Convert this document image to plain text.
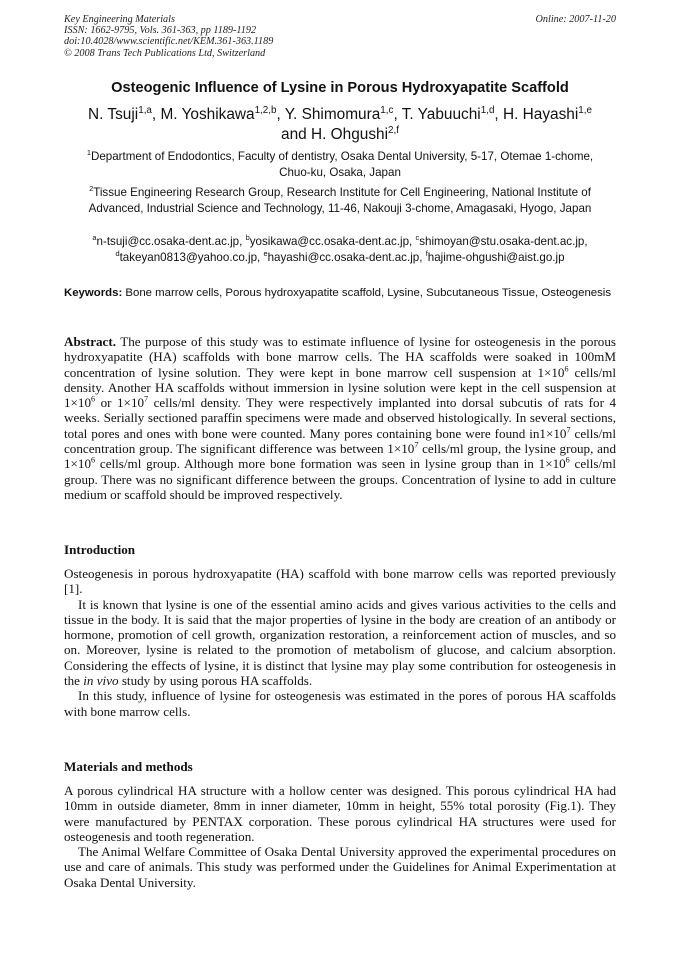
Key Engineering Materials	Online: 2007-11-20
ISSN: 1662-9795, Vols. 361-363, pp 1189-1192
doi:10.4028/www.scientific.net/KEM.361-363.1189
© 2008 Trans Tech Publications Ltd, Switzerland
Osteogenic Influence of Lysine in Porous Hydroxyapatite Scaffold
N. Tsuji$^{1,a}$, M. Yoshikawa$^{1,2,b}$, Y. Shimomura$^{1,c}$, T. Yabuuchi$^{1,d}$, H. Hayashi$^{1,e}$
and H. Ohgushi$^{2,f}$
$^1$Department of Endodontics, Faculty of dentistry, Osaka Dental University, 5-17, Otemae 1-chome,
Chuo-ku, Osaka, Japan
$^2$Tissue Engineering Research Group, Research Institute for Cell Engineering, National Institute of
Advanced, Industrial Science and Technology, 11-46, Nakouji 3-chome, Amagasaki, Hyogo, Japan
$^a$n-tsuji@cc.osaka-dent.ac.jp, $^b$yosikawa@cc.osaka-dent.ac.jp, $^c$shimoyan@stu.osaka-dent.ac.jp,
$^d$takeyan0813@yahoo.co.jp, $^e$hayashi@cc.osaka-dent.ac.jp, $^f$hajime-ohgushi@aist.go.jp
Keywords: Bone marrow cells, Porous hydroxyapatite scaffold, Lysine, Subcutaneous Tissue, Osteogenesis

Abstract. The purpose of this study was to estimate influence of lysine for osteogenesis in the porous hydroxyapatite (HA) scaffolds with bone marrow cells. The HA scaffolds were soaked in 100mM concentration of lysine solution. They were kept in bone marrow cell suspension at $1\times 10^6$ cells/ml density. Another HA scaffolds without immersion in lysine solution were kept in the cell suspension at $1\times 10^6$ or $1\times 10^7$ cells/ml density. They were respectively implanted into dorsal subcutis of rats for 4 weeks. Serially sectioned paraffin specimens were made and observed histologically. In several sections, total pores and ones with bone were counted. Many pores containing bone were found $in1\times 10^7$ cells/ml concentration group. The significant difference was between $1\times 10^7$ cells/ml group, the lysine group, and $1\times 10^6$ cells/ml group. Although more bone formation was seen in lysine group than in $1\times 10^6$ cells/ml group. There was no significant difference between the groups. Concentration of lysine to add in culture medium or scaffold should be improved respectively.

Introduction

Osteogenesis in porous hydroxyapatite (HA) scaffold with bone marrow cells was reported previously [1].

It is known that lysine is one of the essential amino acids and gives various activities to the cells and tissue in the body. It is said that the major properties of lysine in the body are creation of an antibody or hormone, promotion of cell growth, organization restoration, a reinforcement action of muscles, and so on. Moreover, lysine is related to the promotion of metabolism of glucose, and calcium absorption. Considering the effects of lysine, it is distinct that lysine may play some contribution for osteogenesis in the in vivo study by using porous HA scaffolds.

In this study, influence of lysine for osteogenesis was estimated in the pores of porous HA scaffolds with bone marrow cells.

Materials and methods

A porous cylindrical HA structure with a hollow center was designed. This porous cylindrical HA had 10mm in outside diameter, 8mm in inner diameter, 10mm in height, 55% total porosity (Fig.1). They were manufactured by PENTAX corporation. These porous cylindrical HA structures were used for osteogenesis and tooth regeneration.

The Animal Welfare Committee of Osaka Dental University approved the experimental procedures on use and care of animals. This study was performed under the Guidelines for Animal Experimentation at Osaka Dental University.
